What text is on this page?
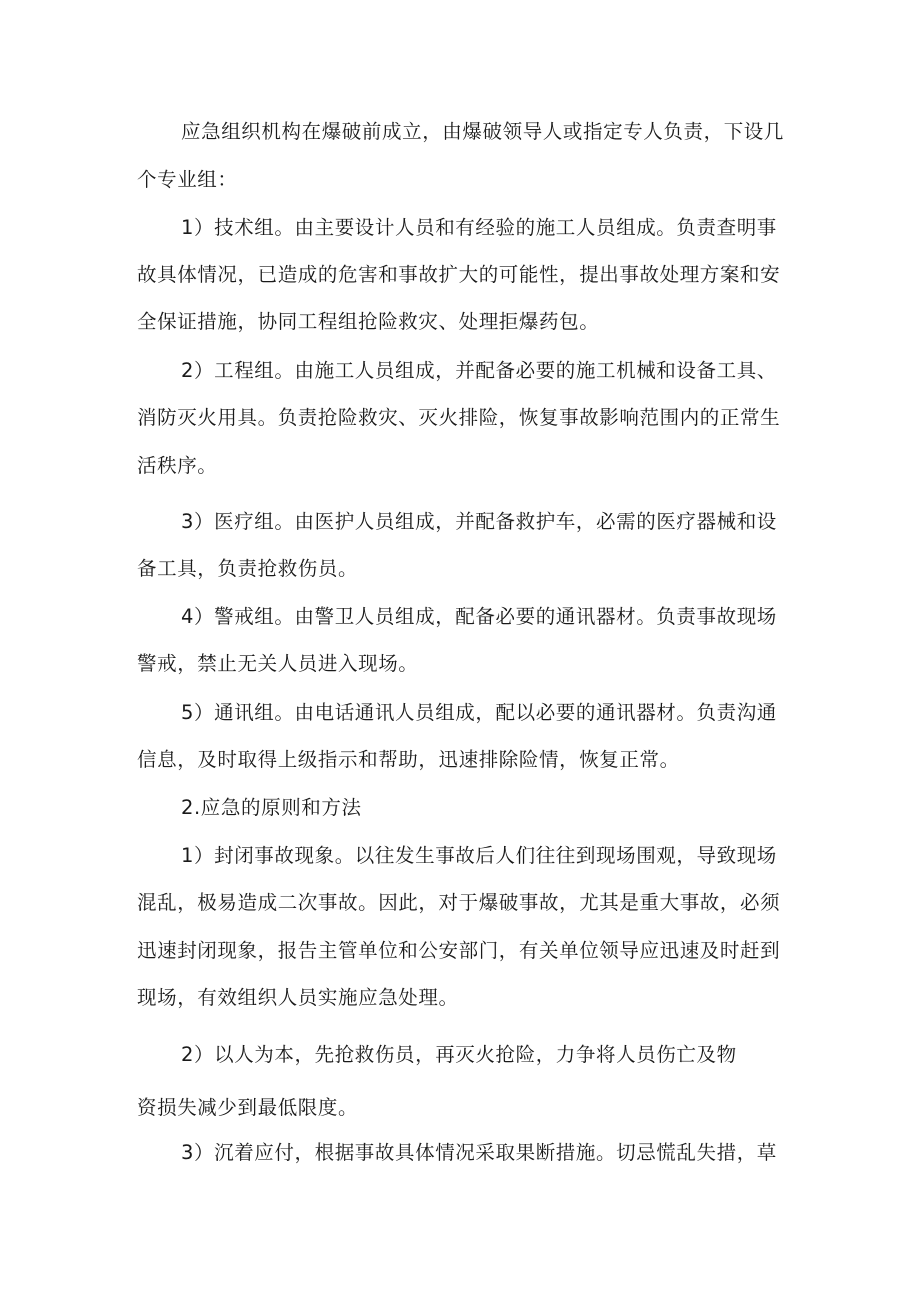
应急组织机构在爆破前成立，由爆破领导人或指定专人负责，下设几
个专业组：
1）技术组。由主要设计人员和有经验的施工人员组成。负责查明事
故具体情况，已造成的危害和事故扩大的可能性，提出事故处理方案和安
全保证措施，协同工程组抢险救灾、处理拒爆药包。
2）工程组。由施工人员组成，并配备必要的施工机械和设备工具、
消防灭火用具。负责抢险救灾、灭火排险，恢复事故影响范围内的正常生
活秩序。
3）医疗组。由医护人员组成，并配备救护车，必需的医疗器械和设
备工具，负责抢救伤员。
4）警戒组。由警卫人员组成，配备必要的通讯器材。负责事故现场
警戒，禁止无关人员进入现场。
5）通讯组。由电话通讯人员组成，配以必要的通讯器材。负责沟通
信息，及时取得上级指示和帮助，迅速排除险情，恢复正常。
2.应急的原则和方法
1）封闭事故现象。以往发生事故后人们往往到现场围观，导致现场
混乱，极易造成二次事故。因此，对于爆破事故，尤其是重大事故，必须
迅速封闭现象，报告主管单位和公安部门，有关单位领导应迅速及时赶到
现场，有效组织人员实施应急处理。
2）以人为本，先抢救伤员，再灭火抢险，力争将人员伤亡及物
资损失减少到最低限度。
3）沉着应付，根据事故具体情况采取果断措施。切忌慌乱失措，草
